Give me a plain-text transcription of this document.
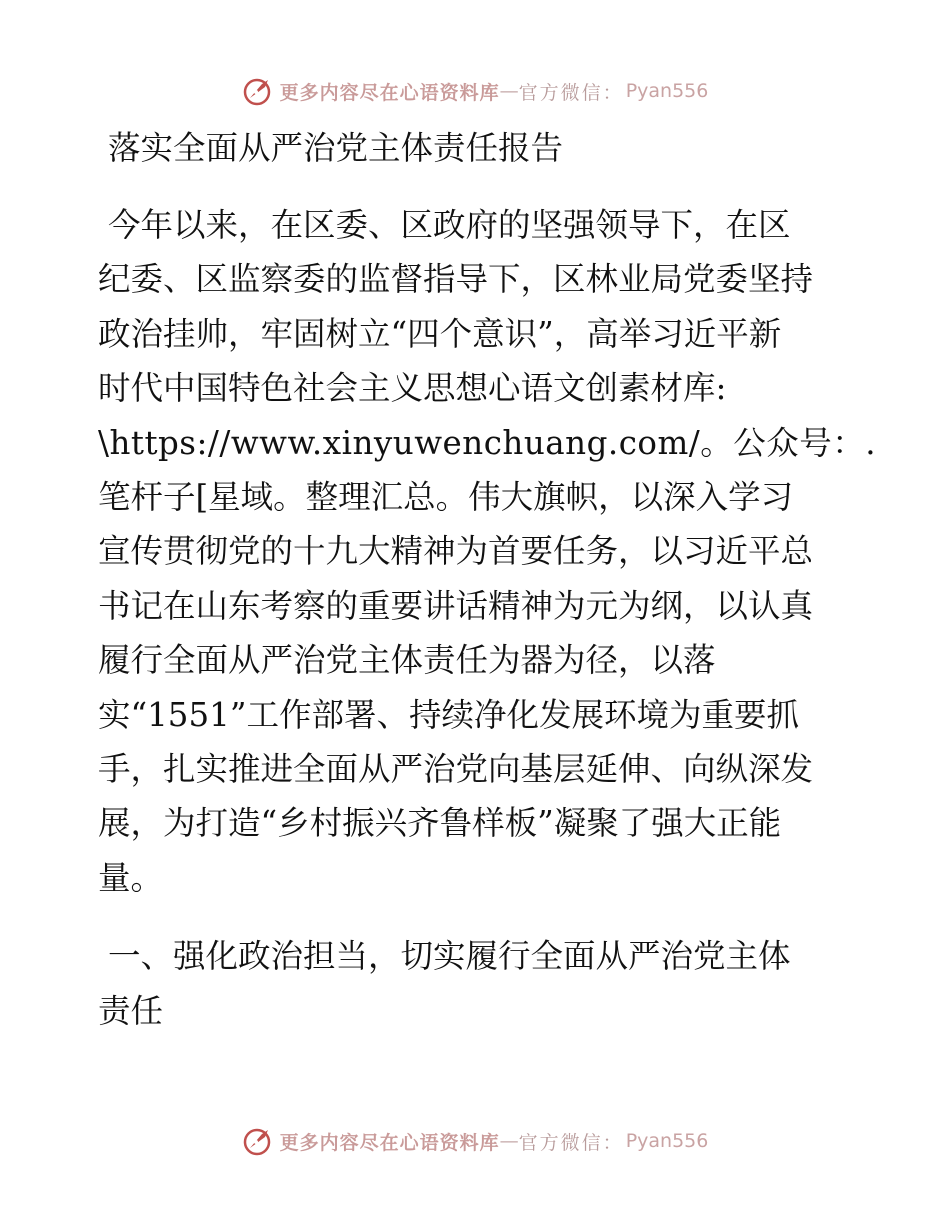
更多内容尽在心语资料库 — 官方微信： Pyan556
落实全面从严治党主体责任报告

今年以来，在区委、区政府的坚强领导下，在区
纪委、区监察委的监督指导下，区林业局党委坚持
政治挂帅，牢固树立“四个意识”，高举习近平新
时代中国特色社会主义思想心语文创素材库:
\https://www.xinyuwenchuang.com/。公众号：.
笔杆子[星域。整理汇总。伟大旗帜，以深入学习
宣传贯彻党的十九大精神为首要任务，以习近平总
书记在山东考察的重要讲话精神为元为纲，以认真
履行全面从严治党主体责任为器为径，以落
实“1551”工作部署、持续净化发展环境为重要抓
手，扎实推进全面从严治党向基层延伸、向纵深发
展，为打造“乡村振兴齐鲁样板”凝聚了强大正能
量。

一、强化政治担当，切实履行全面从严治党主体
责任

更多内容尽在心语资料库 — 官方微信： Pyan556
